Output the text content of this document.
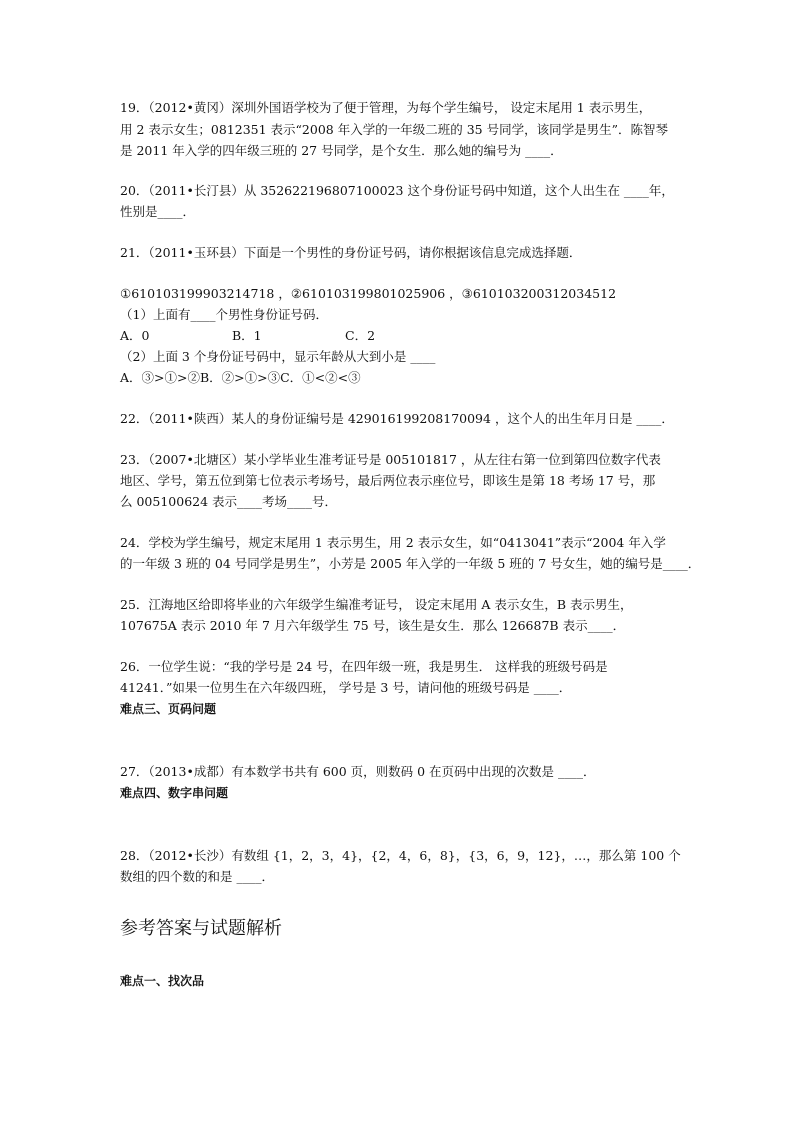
19．（2012•黄冈）深圳外国语学校为了便于管理，为每个学生编号， 设定末尾用 1 表示男生，
用 2 表示女生；0812351 表示“2008 年入学的一年级二班的 35 号同学，该同学是男生”．陈智琴
是 2011 年入学的四年级三班的 27 号同学，是个女生．那么她的编号为 ____．
20．（2011•长汀县）从 352622196807100023 这个身份证号码中知道，这个人出生在 ____年，
性别是____．
21．（2011•玉环县）下面是一个男性的身份证号码，请你根据该信息完成选择题．
①610103199903214718 ，②610103199801025906 ，③610103200312034512
（1）上面有____个男性身份证号码．
A．0	B．1	C．2
（2）上面 3 个身份证号码中，显示年龄从大到小是 ____
A．③>①>②B．②>①>③C．①<②<③
22．（2011•陕西）某人的身份证编号是 429016199208170094 ，这个人的出生年月日是 ____．
23．（2007•北塘区）某小学毕业生准考证号是 005101817 ，从左往右第一位到第四位数字代表
地区、学号，第五位到第七位表示考场号，最后两位表示座位号，即该生是第 18 考场 17 号，那
么 005100624 表示____考场____号．
24．学校为学生编号，规定末尾用 1 表示男生，用 2 表示女生，如“0413041”表示“2004 年入学
的一年级 3 班的 04 号同学是男生”，小芳是 2005 年入学的一年级 5 班的 7 号女生，她的编号是____．
25．江海地区给即将毕业的六年级学生编准考证号， 设定末尾用 A 表示女生，B 表示男生，
107675A 表示 2010 年 7 月六年级学生 75 号，该生是女生．那么 126687B 表示____．
26．一位学生说：“我的学号是 24 号，在四年级一班，我是男生． 这样我的班级号码是
41241．”如果一位男生在六年级四班， 学号是 3 号，请问他的班级号码是 ____．
难点三、页码问题
27．（2013•成都）有本数学书共有 600 页，则数码 0 在页码中出现的次数是 ____．
难点四、数字串问题
28．（2012•长沙）有数组 {1，2，3，4}，{2，4，6，8}，{3，6，9，12}，…，那么第 100 个
数组的四个数的和是 ____．
参考答案与试题解析
难点一、找次品
